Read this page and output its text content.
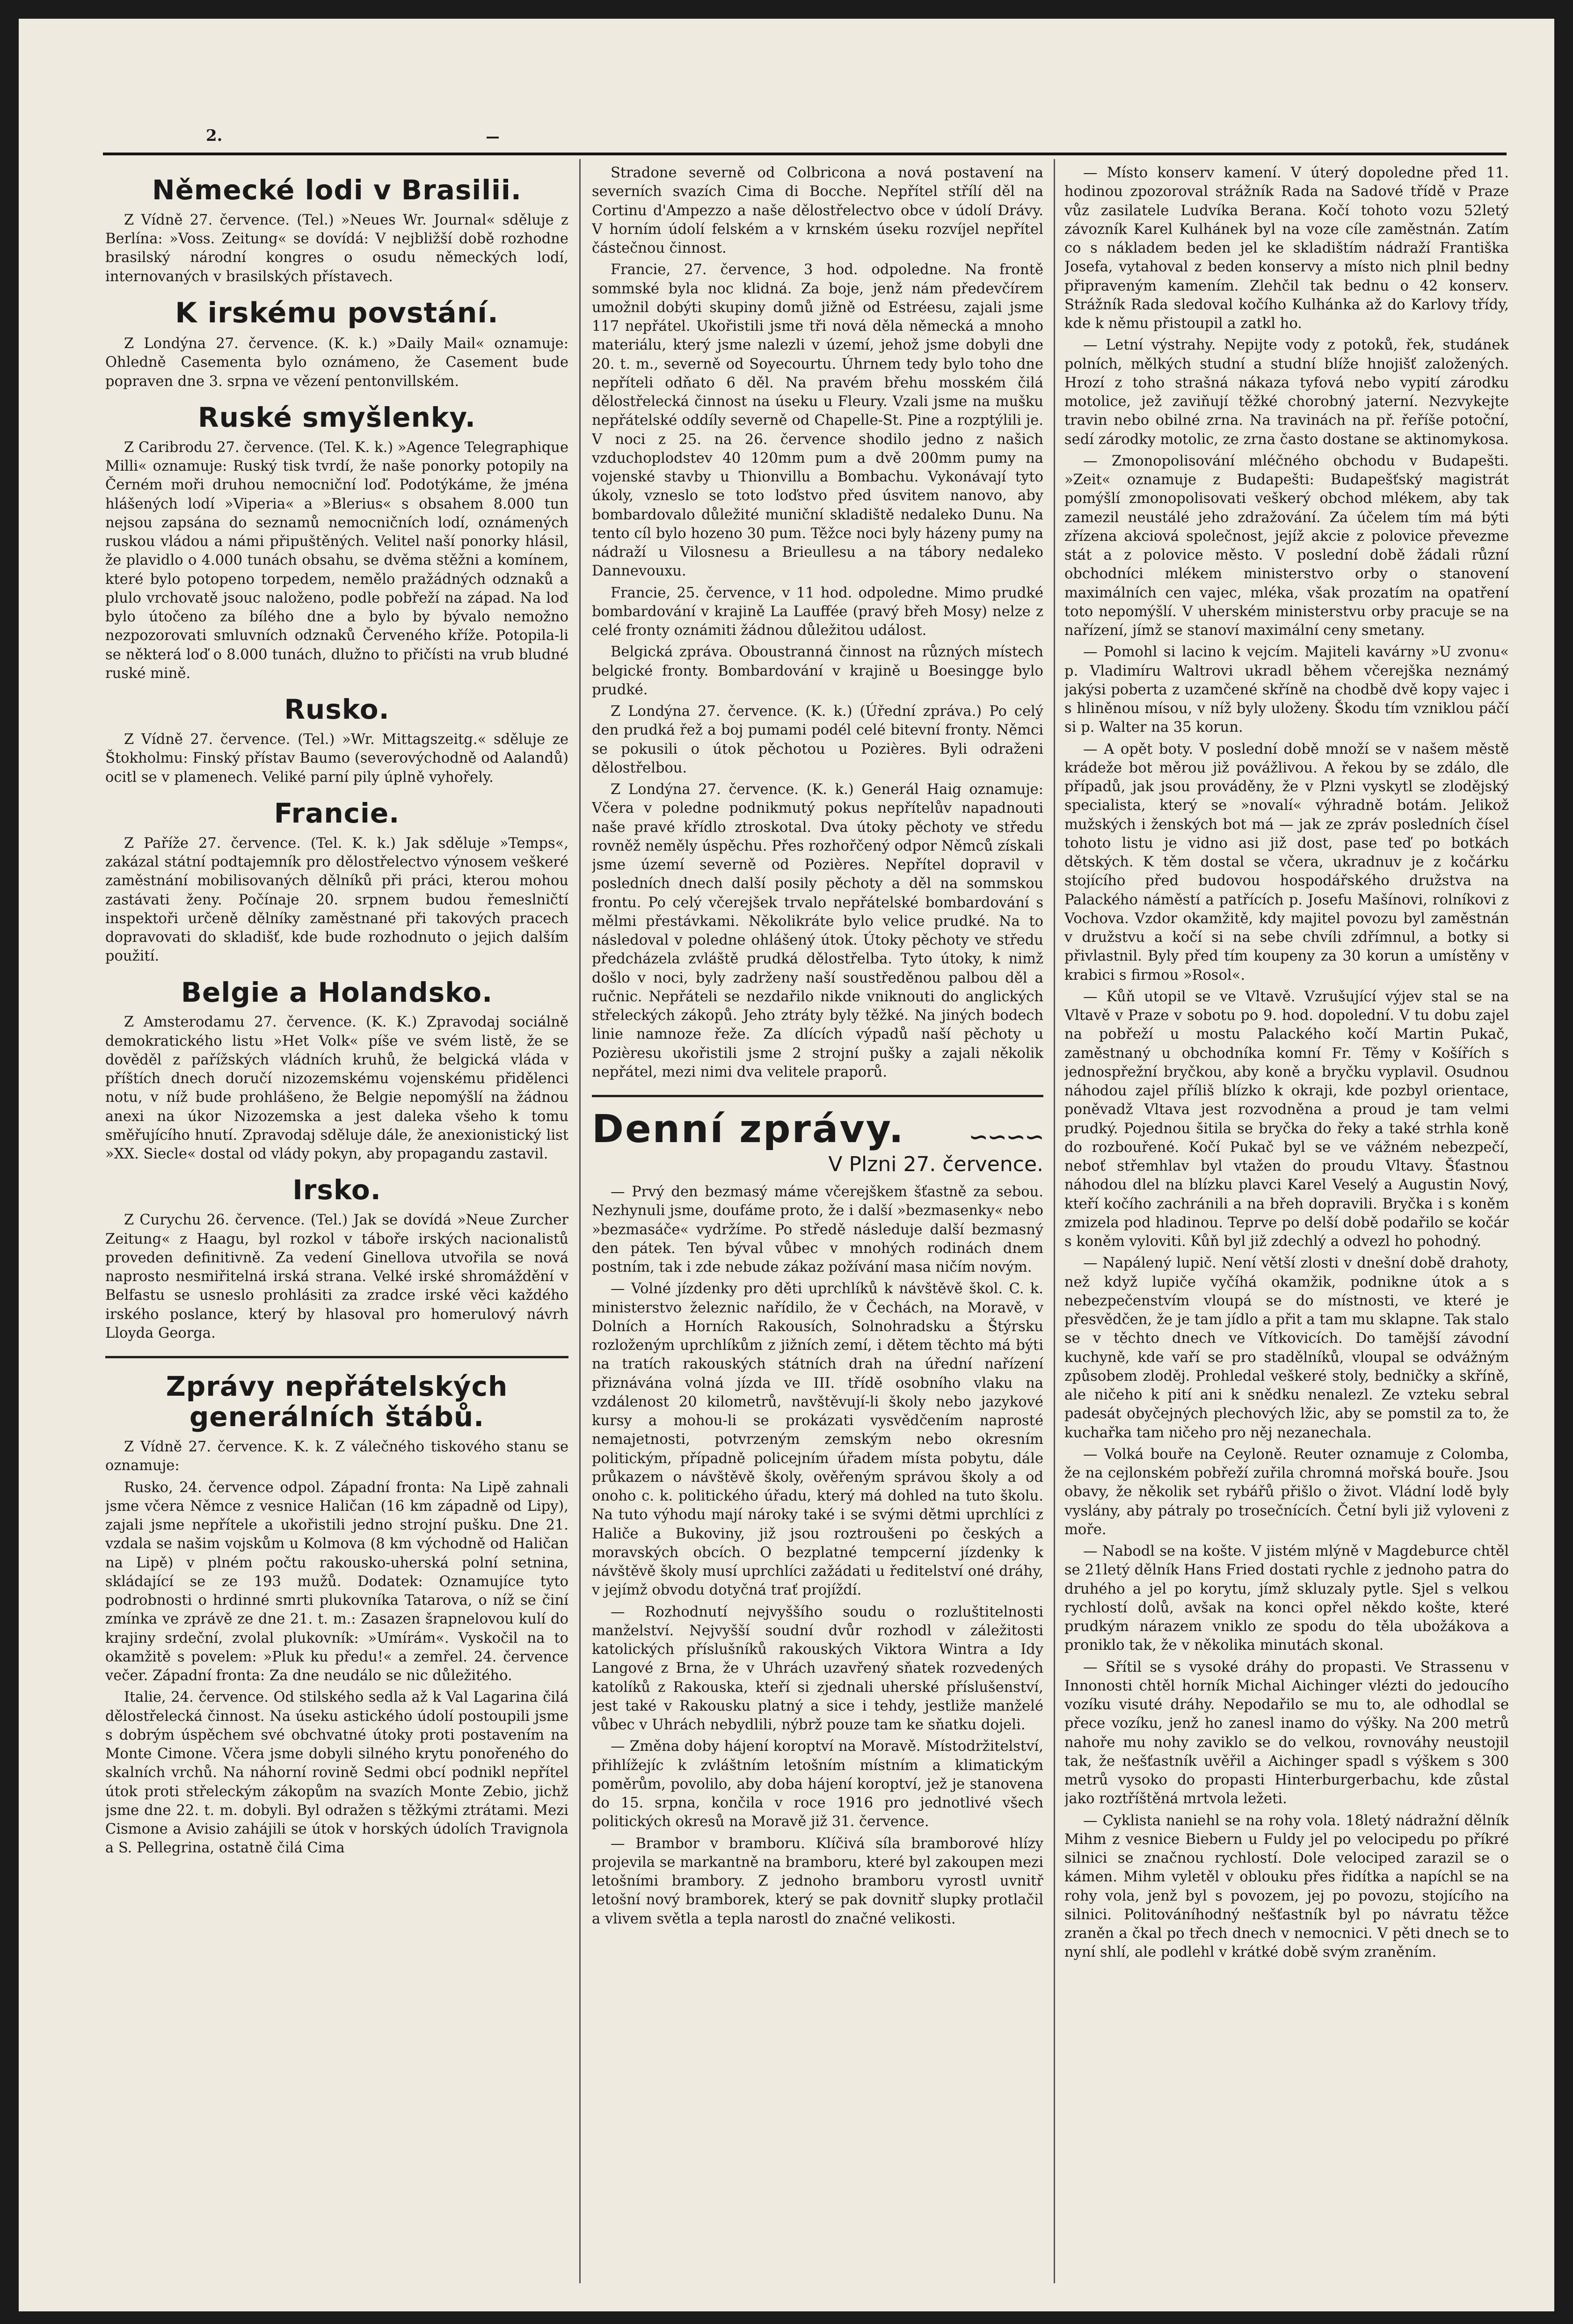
2.
Německé lodi v Brasilii.

Z Vídně 27. července. (Tel.) »Neues Wr. Journal« sděluje z Berlína: »Voss. Zeitung« se dovídá: V nejbližší době rozhodne brasilský národní kongres o osudu německých lodí, internovaných v brasilských přístavech.

K irskému povstání.

Z Londýna 27. července. (K. k.) »Daily Mail« oznamuje: Ohledně Casementa bylo oznámeno, že Casement bude popraven dne 3. srpna ve vězení pentonvillském.

Ruské smyšlenky.

Z Caribrodu 27. července. (Tel. K. k.) »Agence Telegraphique Milli« oznamuje: Ruský tisk tvrdí, že naše ponorky potopily na Černém moři druhou nemocniční loď. Podotýkáme, že jména hlášených lodí »Viperia« a »Blerius« s obsahem 8.000 tun nejsou zapsána do seznamů nemocničních lodí, oznámených ruskou vládou a námi připuštěných. Velitel naší ponorky hlásil, že plavidlo o 4.000 tunách obsahu, se dvěma stěžni a komínem, které bylo potopeno torpedem, nemělo pražádných odznaků a plulo vrchovatě jsouc naloženo, podle pobřeží na západ. Na loď bylo útočeno za bílého dne a bylo by bývalo nemožno nezpozorovati smluvních odznaků Červeného kříže. Potopila-li se některá loď o 8.000 tunách, dlužno to přičísti na vrub bludné ruské mině.

Rusko.

Z Vídně 27. července. (Tel.) »Wr. Mittagszeitg.« sděluje ze Štokholmu: Finský přístav Baumo (severovýchodně od Aalandů) ocitl se v plamenech. Veliké parní pily úplně vyhořely.

Francie.

Z Paříže 27. července. (Tel. K. k.) Jak sděluje »Temps«, zakázal státní podtajemník pro dělostřelectvo výnosem veškeré zaměstnání mobilisovaných dělníků při práci, kterou mohou zastávati ženy. Počínaje 20. srpnem budou řemeslničtí inspektoři určeně dělníky zaměstnané při takových pracech dopravovati do skladišť, kde bude rozhodnuto o jejich dalším použití.

Belgie a Holandsko.

Z Amsterodamu 27. července. (K. K.) Zpravodaj sociálně demokratického listu »Het Volk« píše ve svém listě, že se dověděl z pařížských vládních kruhů, že belgická vláda v příštích dnech doručí nizozemskému vojenskému přidělenci notu, v níž bude prohlášeno, že Belgie nepomýšlí na žádnou anexi na úkor Nizozemska a jest daleka všeho k tomu směřujícího hnutí. Zpravodaj sděluje dále, že anexionistický list »XX. Siecle« dostal od vlády pokyn, aby propagandu zastavil.

Irsko.

Z Curychu 26. července. (Tel.) Jak se dovídá »Neue Zurcher Zeitung« z Haagu, byl rozkol v táboře irských nacionalistů proveden definitivně. Za vedení Ginellova utvořila se nová naprosto nesmiřitelná irská strana. Velké irské shromáždění v Belfastu se usneslo prohlásiti za zradce irské věci každého irského poslance, který by hlasoval pro homerulový návrh Lloyda Georga.

Zprávy nepřátelských generálních štábů.

Z Vídně 27. července. K. k. Z válečného tiskového stanu se oznamuje:

Rusko, 24. července odpol. Západní fronta: Na Lipě zahnali jsme včera Němce z vesnice Haličan (16 km západně od Lipy), zajali jsme nepřítele a ukořistili jedno strojní pušku. Dne 21. vzdala se našim vojskům u Kolmova (8 km východně od Haličan na Lipě) v plném počtu rakousko-uherská polní setnina, skládající se ze 193 mužů. Dodatek: Oznamujíce tyto podrobnosti o hrdinné smrti plukovníka Tatarova, o níž se činí zmínka ve zprávě ze dne 21. t. m.: Zasazen šrapnelovou kulí do krajiny srdeční, zvolal plukovník: »Umírám«. Vyskočil na to okamžitě s povelem: »Pluk ku předu!« a zemřel. 24. července večer. Západní fronta: Za dne neudálo se nic důležitého.

Italie, 24. července. Od stilského sedla až k Val Lagarina čilá dělostřelecká činnost. Na úseku astického údolí postoupili jsme s dobrým úspěchem své obchvatné útoky proti postavením na Monte Cimone. Včera jsme dobyli silného krytu ponořeného do skalních vrchů. Na náhorní rovině Sedmi obcí podnikl nepřítel útok proti střeleckým zákopům na svazích Monte Zebio, jichž jsme dne 22. t. m. dobyli. Byl odražen s těžkými ztrátami. Mezi Cismone a Avisio zahájili se útok v horských údolích Travignola a S. Pellegrina, ostatně čilá Cima

Stradone severně od Colbricona a nová postavení na severních svazích Cima di Bocche. Nepřítel střílí děl na Cortinu d'Ampezzo a naše dělostřelectvo obce v údolí Drávy. V horním údolí felském a v krnském úseku rozvíjel nepřítel částečnou činnost.

Francie, 27. července, 3 hod. odpoledne. Na frontě sommské byla noc klidná. Za boje, jenž nám předevčírem umožnil dobýti skupiny domů jižně od Estréesu, zajali jsme 117 nepřátel. Ukořistili jsme tři nová děla německá a mnoho materiálu, který jsme nalezli v území, jehož jsme dobyli dne 20. t. m., severně od Soyecourtu. Úhrnem tedy bylo toho dne nepříteli odňato 6 děl. Na pravém břehu mosském čilá dělostřelecká činnost na úseku u Fleury. Vzali jsme na mušku nepřátelské oddíly severně od Chapelle-St. Pine a rozptýlili je. V noci z 25. na 26. července shodilo jedno z našich vzduchoplodstev 40 120mm pum a dvě 200mm pumy na vojenské stavby u Thionvillu a Bombachu. Vykonávají tyto úkoly, vzneslo se toto loďstvo před úsvitem nanovo, aby bombardovalo důležité muniční skladiště nedaleko Dunu. Na tento cíl bylo hozeno 30 pum. Těžce noci byly házeny pumy na nádraží u Vilosnesu a Brieullesu a na tábory nedaleko Dannevouxu.

Francie, 25. července, v 11 hod. odpoledne. Mimo prudké bombardování v krajině La Lauffée (pravý břeh Mosy) nelze z celé fronty oznámiti žádnou důležitou událost.

Belgická zpráva. Oboustranná činnost na různých místech belgické fronty. Bombardování v krajině u Boesingge bylo prudké.

Z Londýna 27. července. (K. k.) (Úřední zpráva.) Po celý den prudká řež a boj pumami podél celé bitevní fronty. Němci se pokusili o útok pěchotou u Pozières. Byli odraženi dělostřelbou.

Z Londýna 27. července. (K. k.) Generál Haig oznamuje: Včera v poledne podnikmutý pokus nepřítelův napadnouti naše pravé křídlo ztroskotal. Dva útoky pěchoty ve středu rovněž neměly úspěchu. Přes rozhořčený odpor Němců získali jsme území severně od Pozières. Nepřítel dopravil v posledních dnech další posily pěchoty a děl na sommskou frontu. Po celý včerejšek trvalo nepřátelské bombardování s mělmi přestávkami. Několikráte bylo velice prudké. Na to následoval v poledne ohlášený útok. Útoky pěchoty ve středu předcházela zvláště prudká dělostřelba. Tyto útoky, k nimž došlo v noci, byly zadrženy naší soustředěnou palbou děl a ručnic. Nepřáteli se nezdařilo nikde vniknouti do anglických střeleckých zákopů. Jeho ztráty byly těžké. Na jiných bodech linie namnoze řeže. Za dlících výpadů naší pěchoty u Pozièresu ukořistili jsme 2 strojní pušky a zajali několik nepřátel, mezi nimi dva velitele praporů.

Denní zprávy.	∽∽∽∽
V Plzni 27. července.

— Prvý den bezmasý máme včerejškem šťastně za sebou. Nezhynuli jsme, doufáme proto, že i další »bezmasenky« nebo »bezmasáče« vydržíme. Po středě následuje další bezmasný den pátek. Ten býval vůbec v mnohých rodinách dnem postním, tak i zde nebude zákaz požívání masa ničím novým.

— Volné jízdenky pro děti uprchlíků k návštěvě škol. C. k. ministerstvo železnic nařídilo, že v Čechách, na Moravě, v Dolních a Horních Rakousích, Solnohradsku a Štýrsku rozloženým uprchlíkům z jižních zemí, i dětem těchto má býti na tratích rakouských státních drah na úřední nařízení přiznávána volná jízda ve III. třídě osobního vlaku na vzdálenost 20 kilometrů, navštěvují-li školy nebo jazykové kursy a mohou-li se prokázati vysvědčením naprosté nemajetnosti, potvrzeným zemským nebo okresním politickým, případně policejním úřadem místa pobytu, dále průkazem o návštěvě školy, ověřeným správou školy a od onoho c. k. politického úřadu, který má dohled na tuto školu. Na tuto výhodu mají nároky také i se svými dětmi uprchlíci z Haliče a Bukoviny, již jsou roztroušeni po českých a moravských obcích. O bezplatné tempcerní jízdenky k návštěvě školy musí uprchlíci zažádati u ředitelství oné dráhy, v jejímž obvodu dotyčná trať projíždí.

— Rozhodnutí nejvyššího soudu o rozluštitelnosti manželství. Nejvyšší soudní dvůr rozhodl v záležitosti katolických příslušníků rakouských Viktora Wintra a Idy Langové z Brna, že v Uhrách uzavřený sňatek rozvedených katolíků z Rakouska, kteří si zjednali uherské příslušenství, jest také v Rakousku platný a sice i tehdy, jestliže manželé vůbec v Uhrách nebydlili, nýbrž pouze tam ke sňatku dojeli.

— Změna doby hájení koroptví na Moravě. Místodržitelství, přihlížejíc k zvláštním letošním místním a klimatickým poměrům, povolilo, aby doba hájení koroptví, jež je stanovena do 15. srpna, končila v roce 1916 pro jednotlivé všech politických okresů na Moravě již 31. července.

— Brambor v bramboru. Klíčivá síla bramborové hlízy projevila se markantně na bramboru, které byl zakoupen mezi letošními brambory. Z jednoho bramboru vyrostl uvnitř letošní nový bramborek, který se pak dovnitř slupky protlačil a vlivem světla a tepla narostl do značné velikosti.

— Místo konserv kamení. V úterý dopoledne před 11. hodinou zpozoroval strážník Rada na Sadové třídě v Praze vůz zasilatele Ludvíka Berana. Kočí tohoto vozu 52letý závozník Karel Kulhánek byl na voze cíle zaměstnán. Zatím co s nákladem beden jel ke skladištím nádraží Františka Josefa, vytahoval z beden konservy a místo nich plnil bedny připraveným kamením. Zlehčil tak bednu o 42 konserv. Strážník Rada sledoval kočího Kulhánka až do Karlovy třídy, kde k němu přistoupil a zatkl ho.

— Letní výstrahy. Nepijte vody z potoků, řek, studánek polních, mělkých studní a studní blíže hnojišť založených. Hrozí z toho strašná nákaza tyfová nebo vypití zárodku motolice, jež zaviňují těžké chorobný jaterní. Nezvykejte travin nebo obilné zrna. Na travinách na př. řeříše potoční, sedí zárodky motolic, ze zrna často dostane se aktinomykosa.

— Zmonopolisování mléčného obchodu v Budapešti. »Zeit« oznamuje z Budapešti: Budapešťský magistrát pomýšlí zmonopolisovati veškerý obchod mlékem, aby tak zamezil neustálé jeho zdražování. Za účelem tím má býti zřízena akciová společnost, jejíž akcie z polovice převezme stát a z polovice město. V poslední době žádali různí obchodníci mlékem ministerstvo orby o stanovení maximálních cen vajec, mléka, však prozatím na opatření toto nepomýšlí. V uherském ministerstvu orby pracuje se na nařízení, jímž se stanoví maximální ceny smetany.

— Pomohl si lacino k vejcím. Majiteli kavárny »U zvonu« p. Vladimíru Waltrovi ukradl během včerejška neznámý jakýsi poberta z uzamčené skříně na chodbě dvě kopy vajec i s hliněnou mísou, v níž byly uloženy. Škodu tím vzniklou páčí si p. Walter na 35 korun.

— A opět boty. V poslední době množí se v našem městě krádeže bot měrou již povážlivou. A řekou by se zdálo, dle případů, jak jsou prováděny, že v Plzni vyskytl se zlodějský specialista, který se »novalí« výhradně botám. Jelikož mužských i ženských bot má — jak ze zpráv posledních čísel tohoto listu je vidno asi již dost, pase teď po botkách dětských. K těm dostal se včera, ukradnuv je z kočárku stojícího před budovou hospodářského družstva na Palackého náměstí a patřících p. Josefu Mašínovi, rolníkovi z Vochova. Vzdor okamžitě, kdy majitel povozu byl zaměstnán v družstvu a kočí si na sebe chvíli zdřímnul, a botky si přivlastnil. Byly před tím koupeny za 30 korun a umístěny v krabici s firmou »Rosol«.

— Kůň utopil se ve Vltavě. Vzrušující výjev stal se na Vltavě v Praze v sobotu po 9. hod. dopolední. V tu dobu zajel na pobřeží u mostu Palackého kočí Martin Pukač, zaměstnaný u obchodníka komní Fr. Těmy v Košířích s jednospřežní bryčkou, aby koně a bryčku vyplavil. Osudnou náhodou zajel příliš blízko k okraji, kde pozbyl orientace, poněvadž Vltava jest rozvodněna a proud je tam velmi prudký. Pojednou šitila se bryčka do řeky a také strhla koně do rozbouřené. Kočí Pukač byl se ve vážném nebezpečí, neboť střemhlav byl vtažen do proudu Vltavy. Šťastnou náhodou dlel na blízku plavci Karel Veselý a Augustin Nový, kteří kočího zachránili a na břeh dopravili. Bryčka i s koněm zmizela pod hladinou. Teprve po delší době podařilo se kočár s koněm vyloviti. Kůň byl již zdechlý a odvezl ho pohodný.

— Napálený lupič. Není větší zlosti v dnešní době drahoty, než když lupiče vyčíhá okamžik, podnikne útok a s nebezpečenstvím vloupá se do místnosti, ve které je přesvědčen, že je tam jídlo a přit a tam mu sklapne. Tak stalo se v těchto dnech ve Vítkovicích. Do tamější závodní kuchyně, kde vaří se pro stadělníků, vloupal se odvážným způsobem zloděj. Prohledal veškeré stoly, bedničky a skříně, ale ničeho k pití ani k snědku nenalezl. Ze vzteku sebral padesát obyčejných plechových lžic, aby se pomstil za to, že kuchařka tam ničeho pro něj nezanechala.

— Volká bouře na Ceyloně. Reuter oznamuje z Colomba, že na cejlonském pobřeží zuřila chromná mořská bouře. Jsou obavy, že několik set rybářů přišlo o život. Vládní lodě byly vyslány, aby pátraly po trosečnících. Četní byli již vyloveni z moře.

— Nabodl se na košte. V jistém mlýně v Magdeburce chtěl se 21letý dělník Hans Fried dostati rychle z jednoho patra do druhého a jel po korytu, jímž skluzaly pytle. Sjel s velkou rychlostí dolů, avšak na konci opřel někdo košte, které prudkým nárazem vniklo ze spodu do těla ubožákova a proniklo tak, že v několika minutách skonal.

— Sřítil se s vysoké dráhy do propasti. Ve Strassenu v Innonosti chtěl horník Michal Aichinger vlézti do jedoucího vozíku visuté dráhy. Nepodařilo se mu to, ale odhodlal se přece vozíku, jenž ho zanesl inamo do výšky. Na 200 metrů nahoře mu nohy zaviklo se do velkou, rovnováhy neustojil tak, že nešťastník uvěřil a Aichinger spadl s výškem s 300 metrů vysoko do propasti Hinterburgerbachu, kde zůstal jako roztříštěná mrtvola ležeti.

— Cyklista naniehl se na rohy vola. 18letý nádražní dělník Mihm z vesnice Biebern u Fuldy jel po velocipedu po příkré silnici se značnou rychlostí. Dole velociped zarazil se o kámen. Mihm vyletěl v oblouku přes řidítka a napíchl se na rohy vola, jenž byl s povozem, jej po povozu, stojícího na silnici. Politováníhodný nešťastník byl po návratu těžce zraněn a čkal po třech dnech v nemocnici. V pěti dnech se to nyní shlí, ale podlehl v krátké době svým zraněním.
